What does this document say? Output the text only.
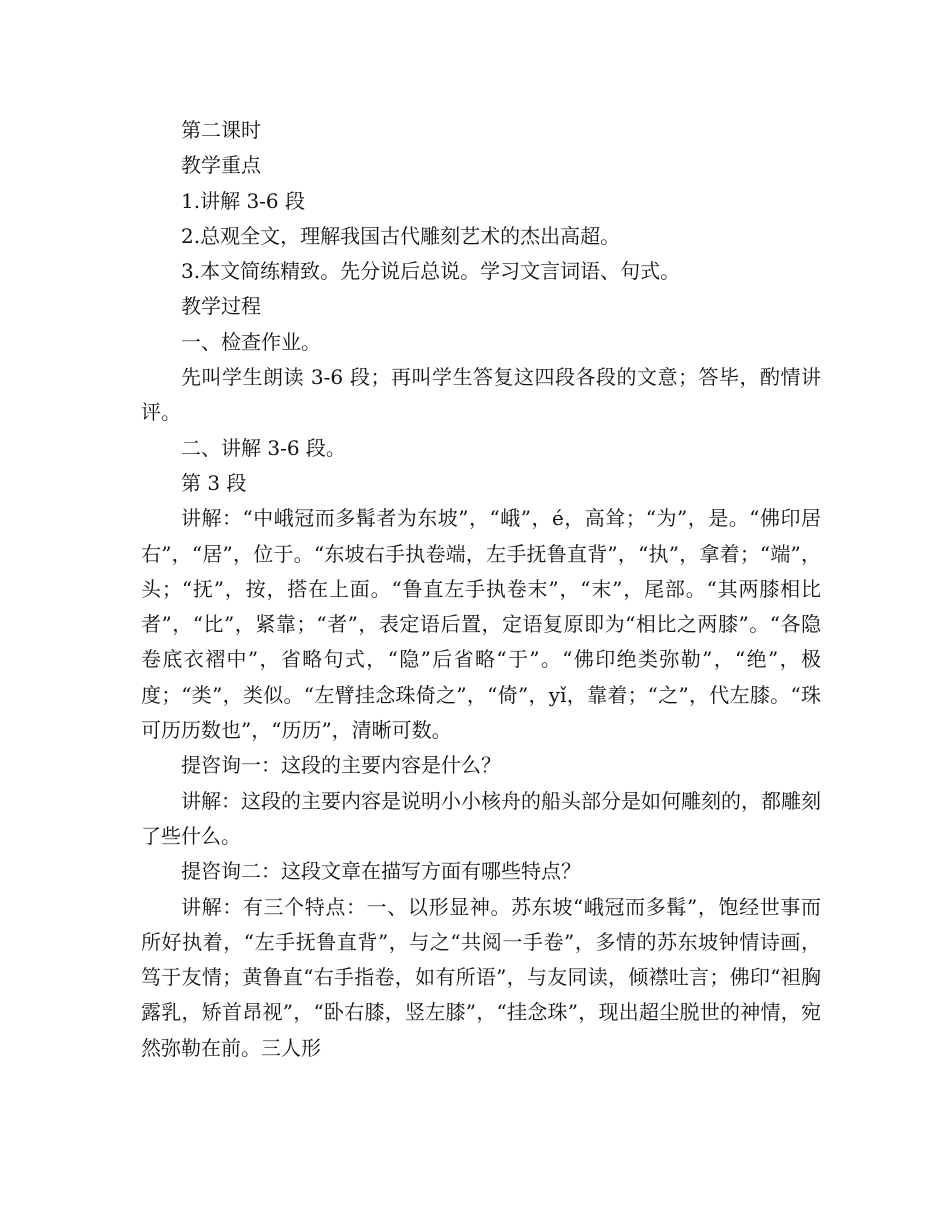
第二课时

教学重点

1.讲解 3-6 段

2.总观全文，理解我国古代雕刻艺术的杰出高超。

3.本文简练精致。先分说后总说。学习文言词语、句式。

教学过程

一、检查作业。

先叫学生朗读 3-6 段；再叫学生答复这四段各段的文意；答毕，酌情讲评。

二、讲解 3-6 段。

第 3 段

讲解：“中峨冠而多髯者为东坡”，“峨”，é，高耸；“为”，是。“佛印居右”，“居”，位于。“东坡右手执卷端，左手抚鲁直背”，“执”，拿着；“端”，头；“抚”，按，搭在上面。“鲁直左手执卷末”，“末”，尾部。“其两膝相比者”，“比”，紧靠；“者”，表定语后置，定语复原即为“相比之两膝”。“各隐卷底衣褶中”，省略句式，“隐”后省略“于”。“佛印绝类弥勒”，“绝”，极度；“类”，类似。“左臂挂念珠倚之”，“倚”，yǐ，靠着；“之”，代左膝。“珠可历历数也”，“历历”，清晰可数。

提咨询一：这段的主要内容是什么？

讲解：这段的主要内容是说明小小核舟的船头部分是如何雕刻的，都雕刻了些什么。

提咨询二：这段文章在描写方面有哪些特点？

讲解：有三个特点：一、以形显神。苏东坡“峨冠而多髯”，饱经世事而所好执着，“左手抚鲁直背”，与之“共阅一手卷”，多情的苏东坡钟情诗画，笃于友情；黄鲁直“右手指卷，如有所语”，与友同读，倾襟吐言；佛印“袒胸露乳，矫首昂视”，“卧右膝，竖左膝”，“挂念珠”，现出超尘脱世的神情，宛然弥勒在前。三人形
